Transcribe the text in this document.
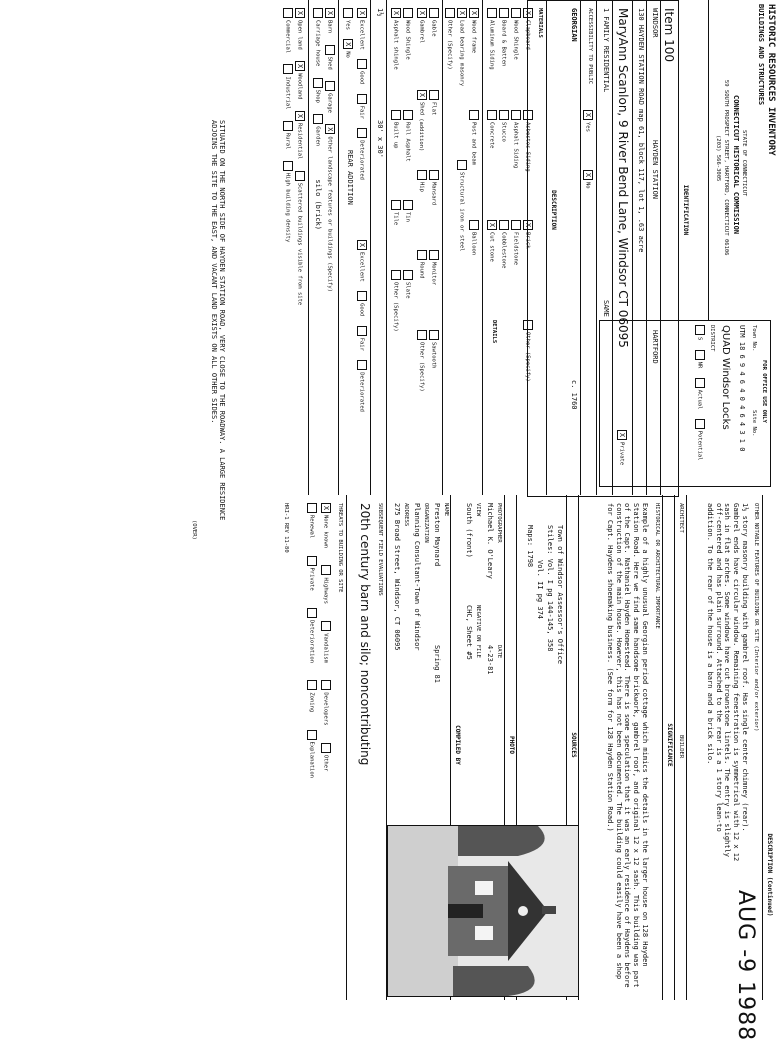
HISTORIC RESOURCES INVENTORY
BUILDINGS AND STRUCTURES
STATE OF CONNECTICUT
CONNECTICUT HISTORICAL COMMISSION
59 SOUTH PROSPECT STREET, HARTFORD, CONNECTICUT 06106
(203) 566-3005
FOR OFFICE USE ONLY
Town No.
Site No.
UTM 18 6 9 4 6 4 0 4 6 4 3 1 0
QUAD Windsor Locks
DISTRICT
S NR Actual Potential
IDENTIFICATION
Item 100
WINDSOR
HAYDEN STATION
HARTFORD
130 HAYDEN STATION ROAD map 61, block 117, lot 1, .63 acre
MaryAnn Scanlon, 9 River Bend Lane, Windsor CT 06095
XPrivate
1 FAMILY RESIDENTIAL
SAME
ACCESSIBILITY TO PUBLIC
XYes
XNo
GEORGIAN
c. 1760
DESCRIPTION
MATERIALS
XClapboard
Asbestos Siding
XBrick
Other (Specify)
Wood Shingle
Asphalt Siding
Fieldstone
Board & Batten
Stucco
Cobblestone
Aluminum Siding
Concrete
XCut stone
DETAILS
XWood frame
Post and beam
Balloon
XLoad bearing masonry
Structural iron or steel
Other (Specify)
Gable
Flat
Mansard
Monitor
Sawtooth
XGambrel
XShed(addition)
Hip
Round
Other (Specify)
Wood Shingle
Roll Asphalt
Tin
Slate
XAsphalt shingle
Built up
Tile
Other (Specify)
1½
30' x 30'
XExcellent Good Fair Deteriorated
XExcellent Good Fair Deteriorated
Yes XNo
REAR ADDITION
XBarn Shed Garage XOther landscape features or buildings (Specify)
Carriage house Shop Garden silo (brick)
XOpen land XWoodland XResidential Scattered buildings visible from site
Commercial Industrial Rural High building density
SITUATED ON THE NORTH SIDE OF HAYDEN STATION ROAD, VERY CLOSE TO THE ROADWAY. A LARGE RESIDENCE ADJOINS THE SITE TO THE EAST, AND VACANT LAND EXISTS ON ALL OTHER SIDES.
(OVER)
DESCRIPTION (Continued)
OTHER NOTABLE FEATURES OF BUILDING OR SITE (Interior and/or exterior)
1½ story masonry building with gambrel roof. Has single center chimney (rear). Gambrel ends have circular window. Remaining fenestration is symmetrical with 12 x 12 sash in flat arches. Some windows have cut brownstone lintels. The entry is slightly off-centered and has plain surround. Attached to the rear is a 1 story lean-to addition. To the rear of the house is a barn and a brick silo.
AUG -9 1988
ARCHITECT
BUILDER
SIGNIFICANCE
HISTORICAL OR ARCHITECTURAL IMPORTANCE
Example of a highly unusual Georgian period cottage which mimics the details in the larger house on 128 Hayden Station Road. Here we find same handsome brickwork, gambrel roof, and original 12 x 12 sash. This building was part of the Capt. Nathaniel Hayden Homestead. There is some speculation that it was an early residence of Haydens before construction of the main house. However, this has not been documented. The building could easily have been a shop for Capt. Haydens shoemaking business. (See form for 128 Hayden Station Road.)
SOURCES
Town of Windsor Assessor's Office
Stiles: Vol. I pg 144-145, 358
Vol. II pg 374
Maps: 1798
PHOTO
PHOTOGRAPHER
Michael K. O'Leary
DATE
4-23-81
VIEW
South (front)
NEGATIVE ON FILE
CHC, Sheet #5
COMPILED BY
NAME
Preston Maynard
Spring 81
ORGANIZATION
Planning Consultant-Town of Windsor
ADDRESS
275 Broad Street, Windsor, CT 06095
SUBSEQUENT FIELD EVALUATIONS
20th century barn and silo; noncontributing
THREATS TO BUILDING OR SITE
XNone known Highways Vandalism Developers Other
Renewal Private Deterioration Zoning Explanation
HRI-1 REV 11-80
